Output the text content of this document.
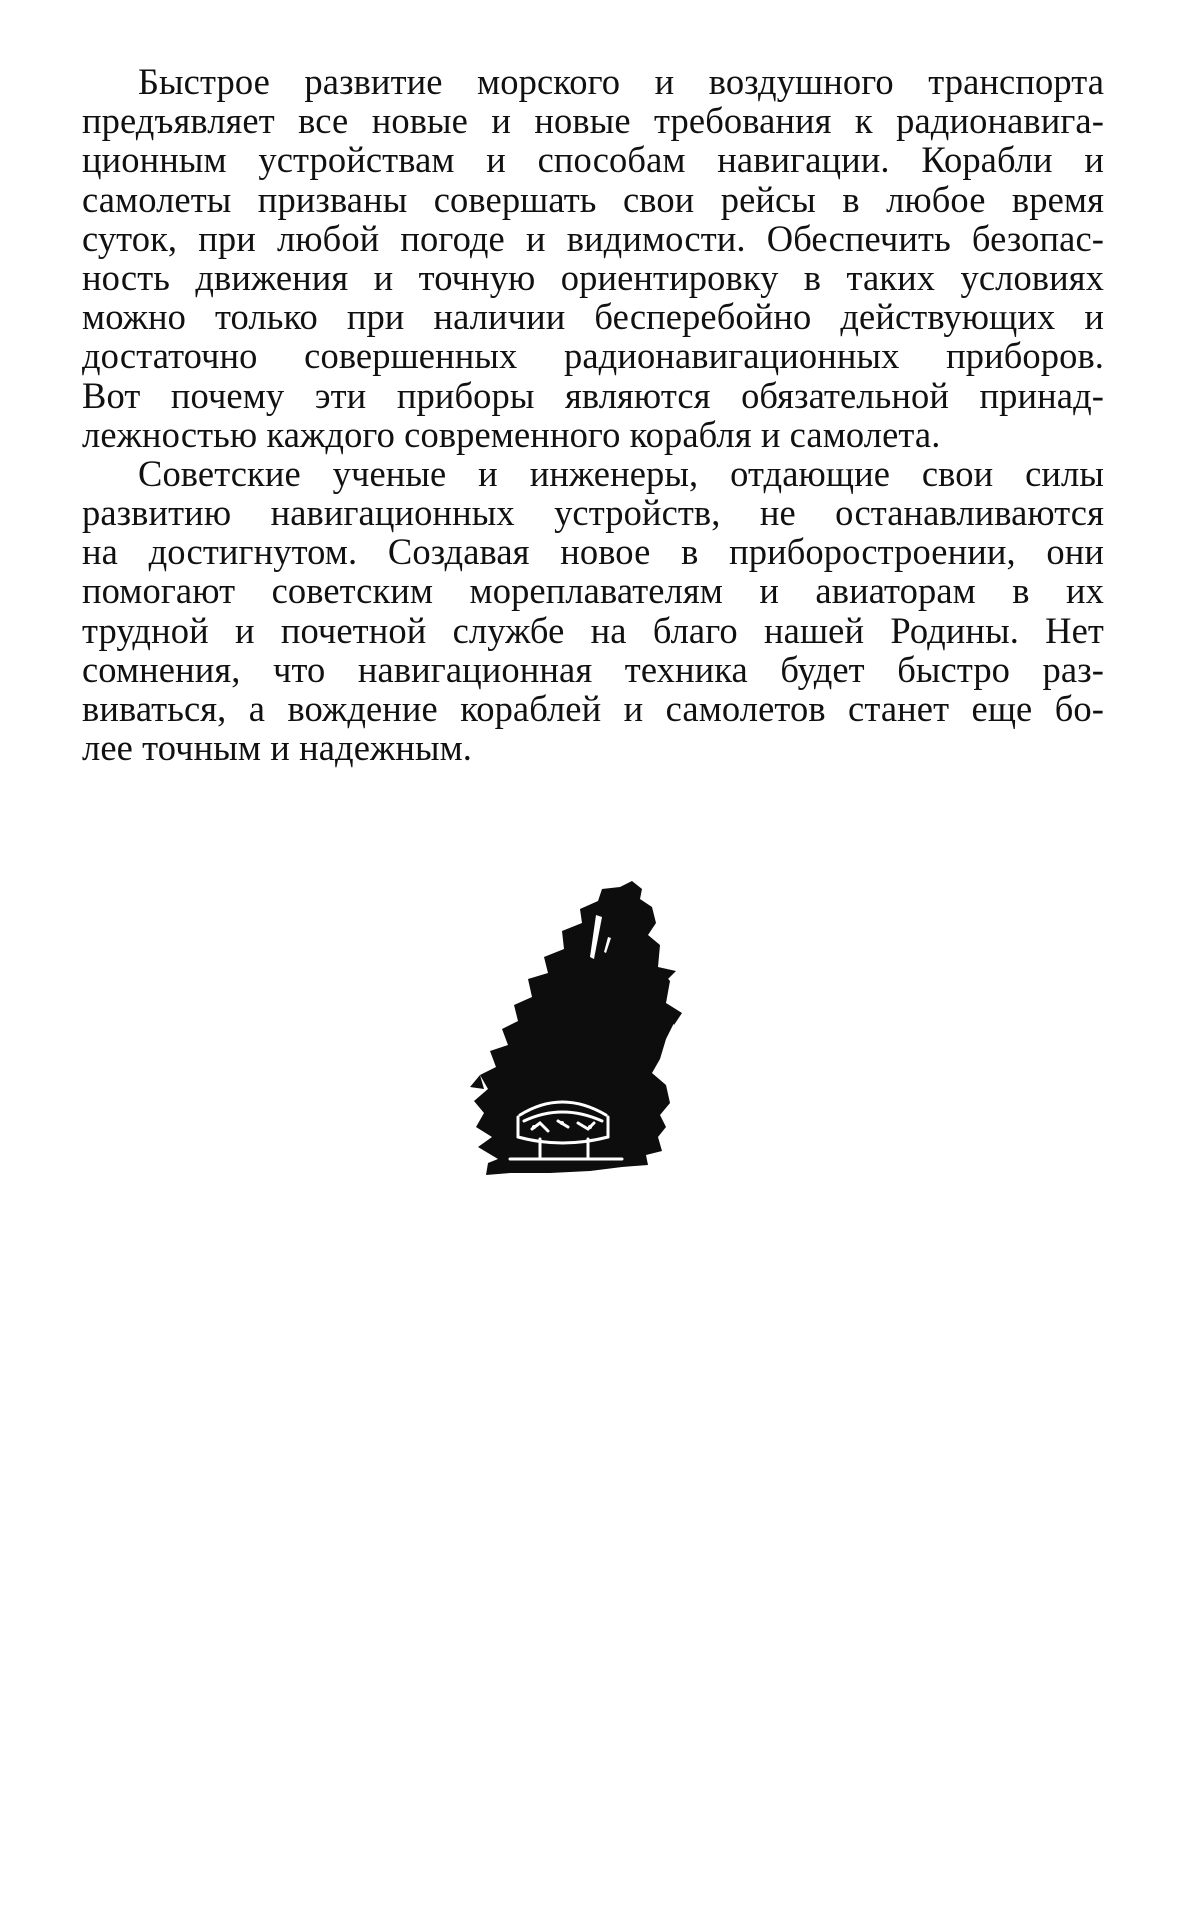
Быстрое развитие морского и воздушного транспорта
предъявляет все новые и новые требования к радионавига-
ционным устройствам и способам навигации. Корабли и
самолеты призваны совершать свои рейсы в любое время
суток, при любой погоде и видимости. Обеспечить безопас-
ность движения и точную ориентировку в таких условиях
можно только при наличии бесперебойно действующих и
достаточно совершенных радионавигационных приборов.
Вот почему эти приборы являются обязательной принад-
лежностью каждого современного корабля и самолета.
Советские ученые и инженеры, отдающие свои силы
развитию навигационных устройств, не останавливаются
на достигнутом. Создавая новое в приборостроении, они
помогают советским мореплавателям и авиаторам в их
трудной и почетной службе на благо нашей Родины. Нет
сомнения, что навигационная техника будет быстро раз-
виваться, а вождение кораблей и самолетов станет еще бо-
лее точным и надежным.
